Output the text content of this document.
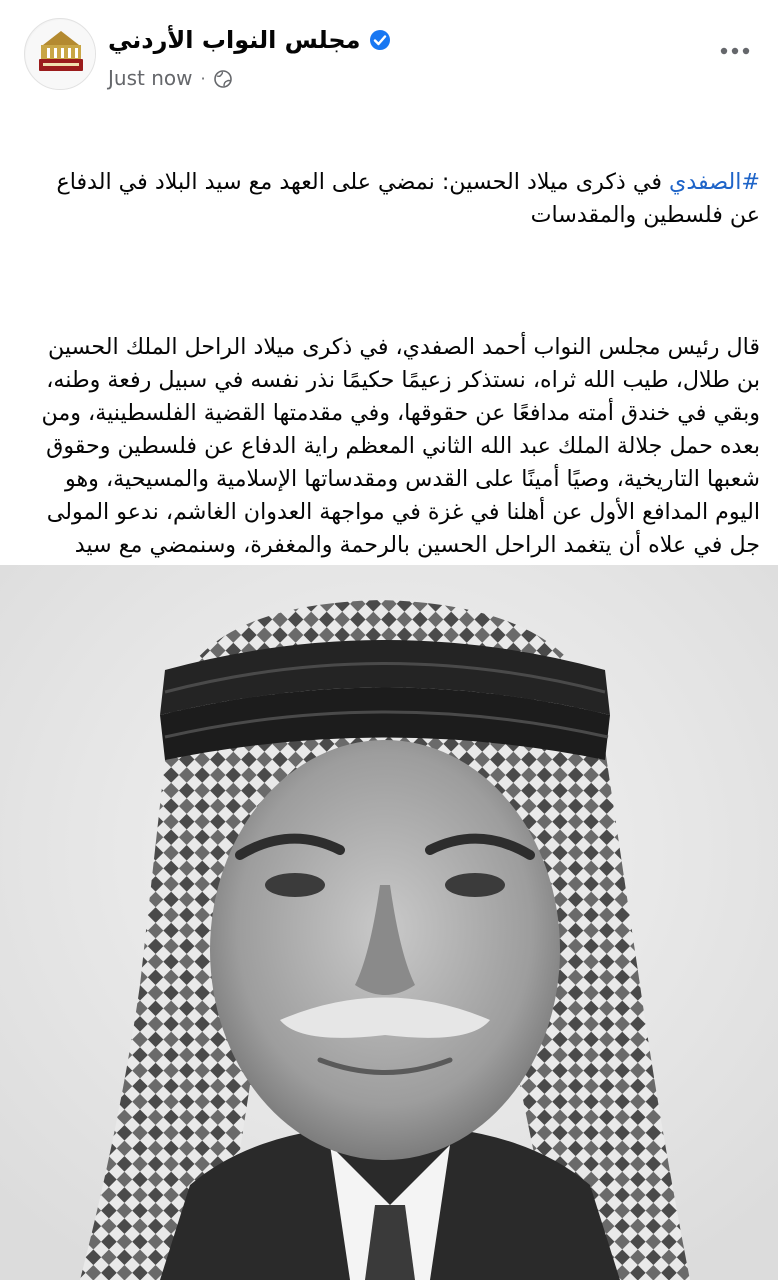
مجلس النواب الأردني
Just now ·

#الصفدي في ذكرى ميلاد الحسين: نمضي على العهد مع سيد البلاد في الدفاع عن فلسطين والمقدسات

قال رئيس مجلس النواب أحمد الصفدي، في ذكرى ميلاد الراحل الملك الحسين بن طلال، طيب الله ثراه، نستذكر زعيمًا حكيمًا نذر نفسه في سبيل رفعة وطنه، وبقي في خندق أمته مدافعًا عن حقوقها، وفي مقدمتها القضية الفلسطينية، ومن بعده حمل جلالة الملك عبد الله الثاني المعظم راية الدفاع عن فلسطين وحقوق شعبها التاريخية، وصيًا أمينًا على القدس ومقدساتها الإسلامية والمسيحية، وهو اليوم المدافع الأول عن أهلنا في غزة في مواجهة العدوان الغاشم، ندعو المولى جل في علاه أن يتغمد الراحل الحسين بالرحمة والمغفرة، وسنمضي مع سيد
